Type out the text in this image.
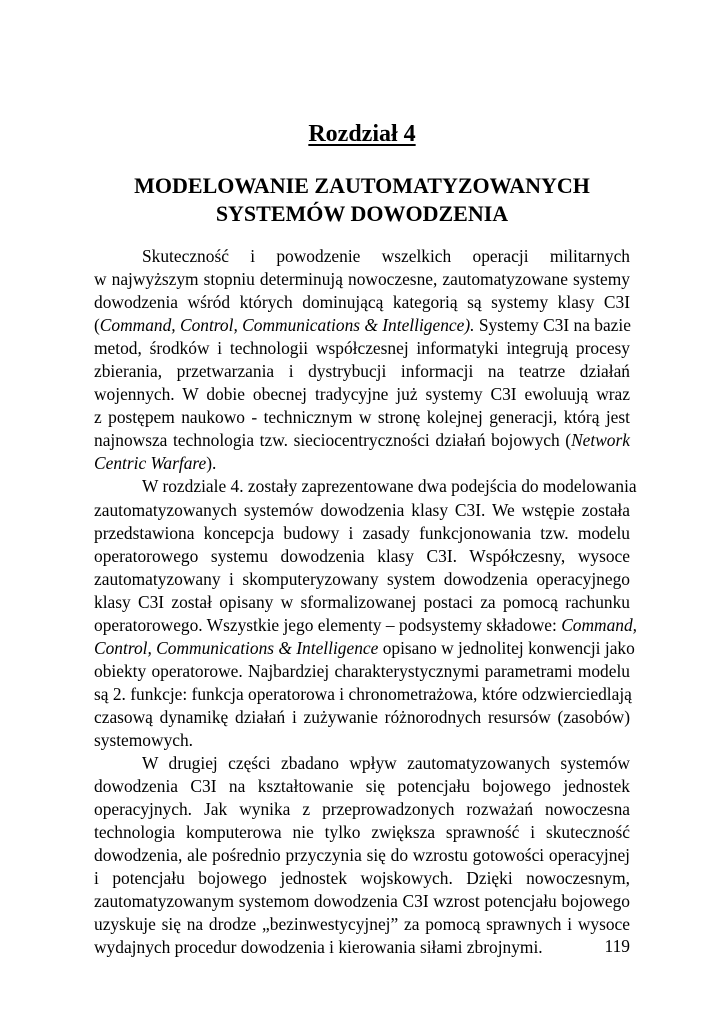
Rozdział 4
MODELOWANIE ZAUTOMATYZOWANYCH
SYSTEMÓW DOWODZENIA
Skuteczność i powodzenie wszelkich operacji militarnych
w najwyższym stopniu determinują nowoczesne, zautomatyzowane systemy
dowodzenia wśród których dominującą kategorią są systemy klasy C3I
(Command, Control, Communications & Intelligence). Systemy C3I na bazie
metod, środków i technologii współczesnej informatyki integrują procesy
zbierania, przetwarzania i dystrybucji informacji na teatrze działań
wojennych. W dobie obecnej tradycyjne już systemy C3I ewoluują wraz
z postępem naukowo - technicznym w stronę kolejnej generacji, którą jest
najnowsza technologia tzw. sieciocentryczności działań bojowych (Network
Centric Warfare).
W rozdziale 4. zostały zaprezentowane dwa podejścia do modelowania
zautomatyzowanych systemów dowodzenia klasy C3I. We wstępie została
przedstawiona koncepcja budowy i zasady funkcjonowania tzw. modelu
operatorowego systemu dowodzenia klasy C3I. Współczesny, wysoce
zautomatyzowany i skomputeryzowany system dowodzenia operacyjnego
klasy C3I został opisany w sformalizowanej postaci za pomocą rachunku
operatorowego. Wszystkie jego elementy – podsystemy składowe: Command,
Control, Communications & Intelligence opisano w jednolitej konwencji jako
obiekty operatorowe. Najbardziej charakterystycznymi parametrami modelu
są 2. funkcje: funkcja operatorowa i chronometrażowa, które odzwierciedlają
czasową dynamikę działań i zużywanie różnorodnych resursów (zasobów)
systemowych.
W drugiej części zbadano wpływ zautomatyzowanych systemów
dowodzenia C3I na kształtowanie się potencjału bojowego jednostek
operacyjnych. Jak wynika z przeprowadzonych rozważań nowoczesna
technologia komputerowa nie tylko zwiększa sprawność i skuteczność
dowodzenia, ale pośrednio przyczynia się do wzrostu gotowości operacyjnej
i potencjału bojowego jednostek wojskowych. Dzięki nowoczesnym,
zautomatyzowanym systemom dowodzenia C3I wzrost potencjału bojowego
uzyskuje się na drodze „bezinwestycyjnej” za pomocą sprawnych i wysoce
wydajnych procedur dowodzenia i kierowania siłami zbrojnymi.	119
